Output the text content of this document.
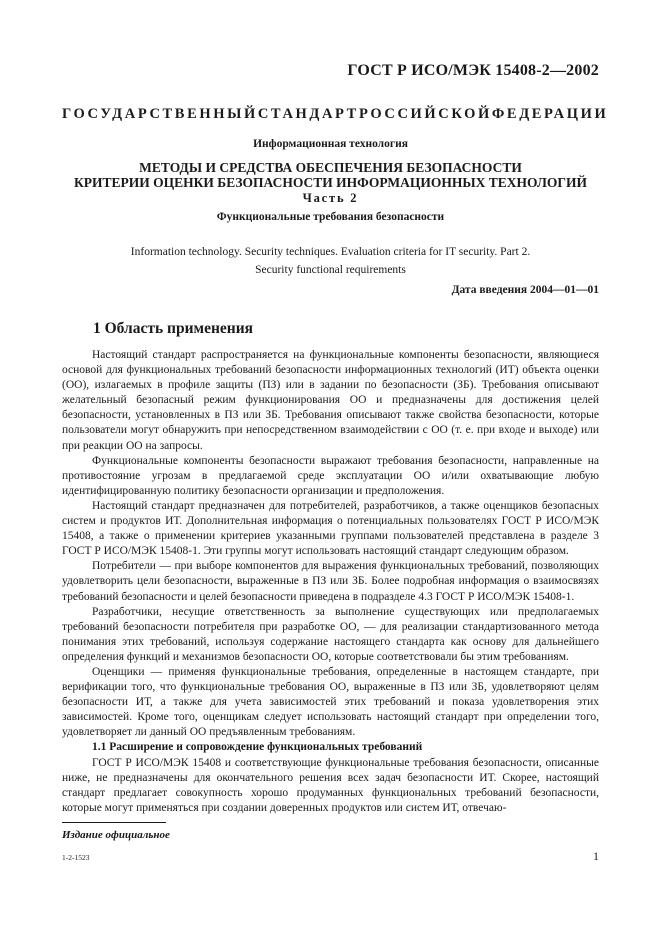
ГОСТ Р ИСО/МЭК 15408-2—2002
ГОСУДАРСТВЕННЫЙ СТАНДАРТ РОССИЙСКОЙ ФЕДЕРАЦИИ
Информационная технология
МЕТОДЫ И СРЕДСТВА ОБЕСПЕЧЕНИЯ БЕЗОПАСНОСТИ
КРИТЕРИИ ОЦЕНКИ БЕЗОПАСНОСТИ ИНФОРМАЦИОННЫХ ТЕХНОЛОГИЙ
Часть 2
Функциональные требования безопасности
Information technology. Security techniques. Evaluation criteria for IT security. Part 2.
Security functional requirements
Дата введения 2004—01—01
1 Область применения

Настоящий стандарт распространяется на функциональные компоненты безопасности, являющиеся основой для функциональных требований безопасности информационных технологий (ИТ) объекта оценки (ОО), излагаемых в профиле защиты (ПЗ) или в задании по безопасности (ЗБ). Требования описывают желательный безопасный режим функционирования ОО и предназначены для достижения целей безопасности, установленных в ПЗ или ЗБ. Требования описывают также свойства безопасности, которые пользователи могут обнаружить при непосредственном взаимодействии с ОО (т. е. при входе и выходе) или при реакции ОО на запросы.

Функциональные компоненты безопасности выражают требования безопасности, направленные на противостояние угрозам в предлагаемой среде эксплуатации ОО и/или охватывающие любую идентифицированную политику безопасности организации и предположения.

Настоящий стандарт предназначен для потребителей, разработчиков, а также оценщиков безопасных систем и продуктов ИТ. Дополнительная информация о потенциальных пользователях ГОСТ Р ИСО/МЭК 15408, а также о применении критериев указанными группами пользователей представлена в разделе 3 ГОСТ Р ИСО/МЭК 15408-1. Эти группы могут использовать настоящий стандарт следующим образом.

Потребители — при выборе компонентов для выражения функциональных требований, позволяющих удовлетворить цели безопасности, выраженные в ПЗ или ЗБ. Более подробная информация о взаимосвязях требований безопасности и целей безопасности приведена в подразделе 4.3 ГОСТ Р ИСО/МЭК 15408-1.

Разработчики, несущие ответственность за выполнение существующих или предполагаемых требований безопасности потребителя при разработке ОО, — для реализации стандартизованного метода понимания этих требований, используя содержание настоящего стандарта как основу для дальнейшего определения функций и механизмов безопасности ОО, которые соответствовали бы этим требованиям.

Оценщики — применяя функциональные требования, определенные в настоящем стандарте, при верификации того, что функциональные требования ОО, выраженные в ПЗ или ЗБ, удовлетворяют целям безопасности ИТ, а также для учета зависимостей этих требований и показа удовлетворения этих зависимостей. Кроме того, оценщикам следует использовать настоящий стандарт при определении того, удовлетворяет ли данный ОО предъявленным требованиям.

1.1 Расширение и сопровождение функциональных требований

ГОСТ Р ИСО/МЭК 15408 и соответствующие функциональные требования безопасности, описанные ниже, не предназначены для окончательного решения всех задач безопасности ИТ. Скорее, настоящий стандарт предлагает совокупность хорошо продуманных функциональных требований безопасности, которые могут применяться при создании доверенных продуктов или систем ИТ, отвечаю-

Издание официальное
1-2-1523	1
